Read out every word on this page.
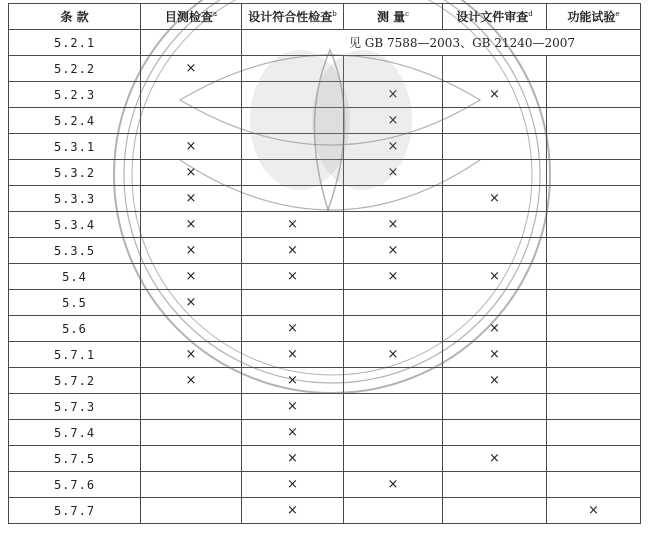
条 款	目测检查$^a$	设计符合性检查$^b$	测 量$^c$	设计文件审查$^d$	功能试验$^e$
5.2.1		见 GB 7588—2003、GB 21240—2007			
5.2.2	×				
5.2.3			×	×	
5.2.4			×		
5.3.1	×		×		
5.3.2	×		×		
5.3.3	×			×	
5.3.4	×	×	×		
5.3.5	×	×	×		
5.4	×	×	×	×	
5.5	×				
5.6		×		×	
5.7.1	×	×	×	×	
5.7.2	×	×		×	
5.7.3		×			
5.7.4		×			
5.7.5		×		×	
5.7.6		×	×		
5.7.7		×			×
